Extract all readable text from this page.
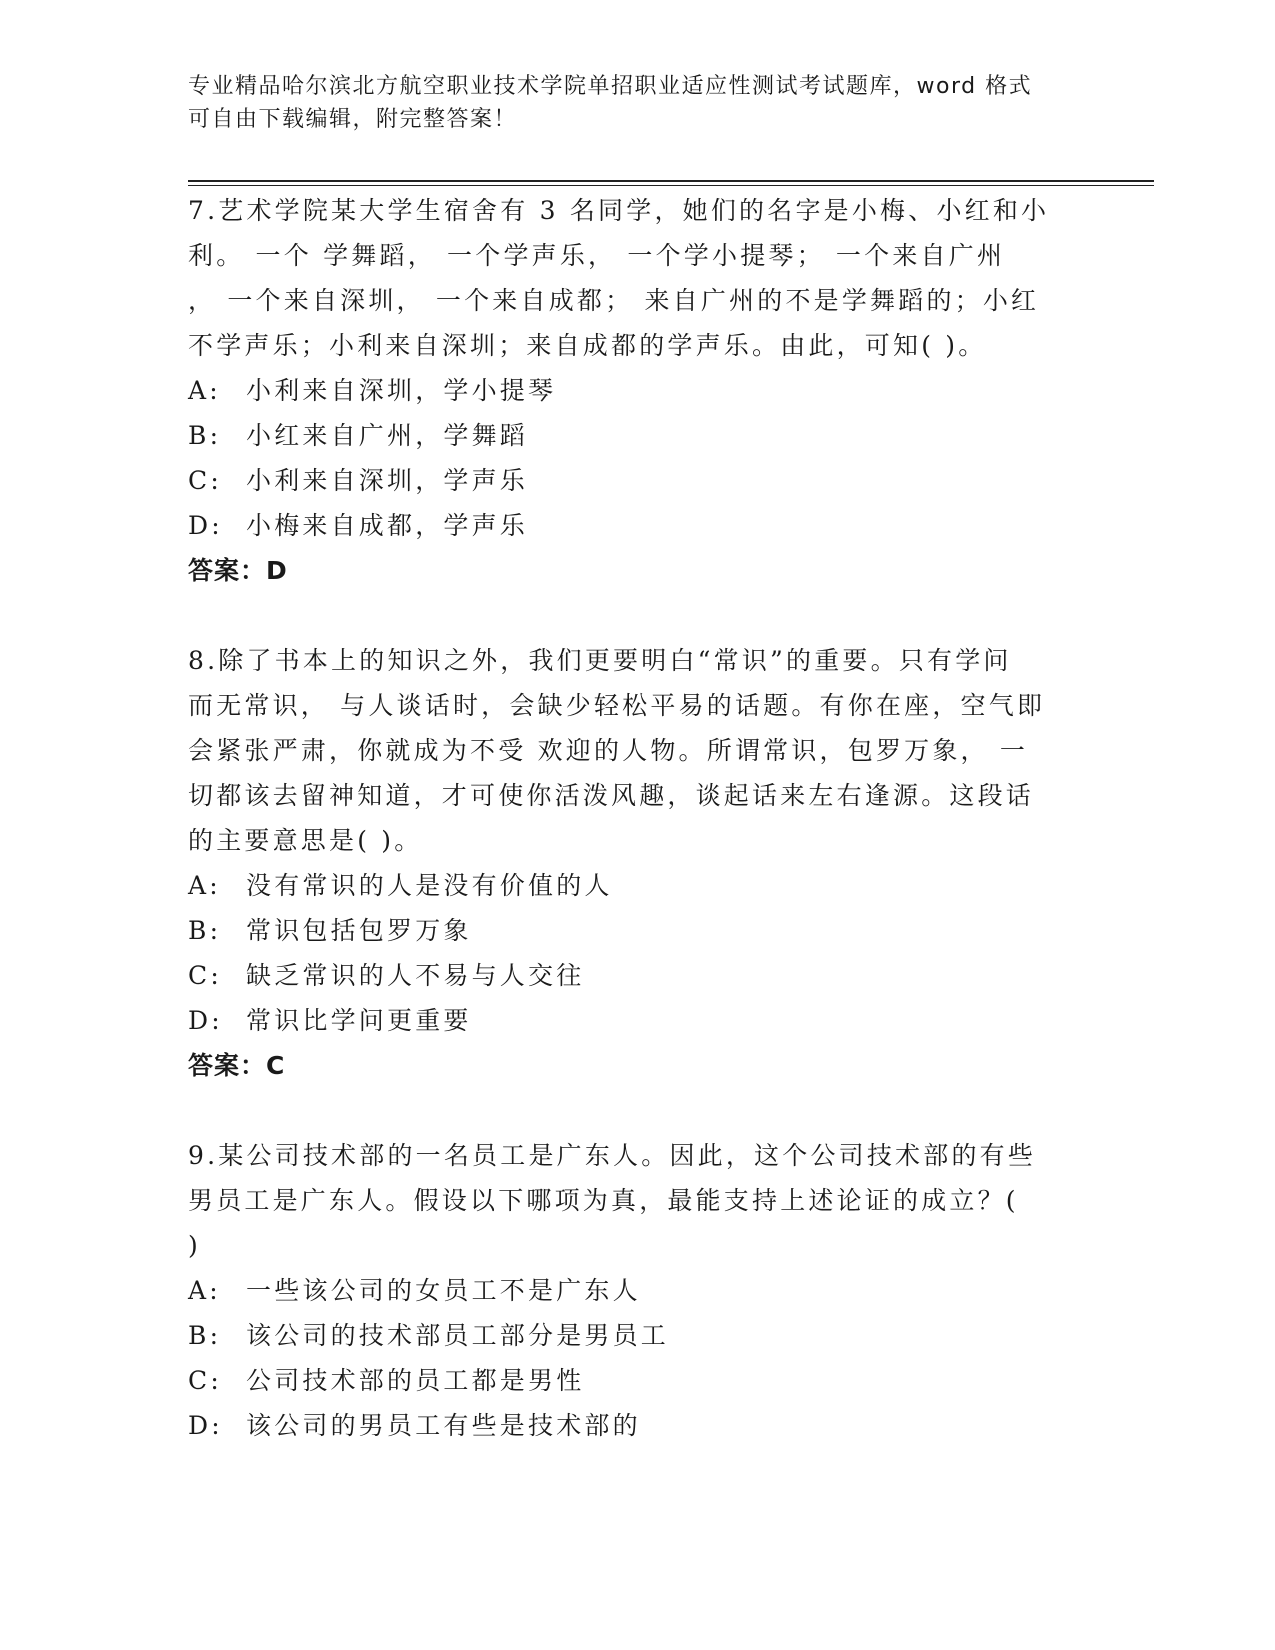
专业精品哈尔滨北方航空职业技术学院单招职业适应性测试考试题库，word 格式
可自由下载编辑，附完整答案！

7.艺术学院某大学生宿舍有 3 名同学，她们的名字是小梅、小红和小
利。 一个 学舞蹈， 一个学声乐， 一个学小提琴； 一个来自广州
， 一个来自深圳， 一个来自成都； 来自广州的不是学舞蹈的；小红
不学声乐；小利来自深圳；来自成都的学声乐。由此，可知( )。

A: 小利来自深圳，学小提琴

B: 小红来自广州，学舞蹈

C: 小利来自深圳，学声乐

D: 小梅来自成都，学声乐

答案：D

8.除了书本上的知识之外，我们更要明白“常识”的重要。只有学问
而无常识， 与人谈话时，会缺少轻松平易的话题。有你在座，空气即
会紧张严肃，你就成为不受 欢迎的人物。所谓常识，包罗万象， 一
切都该去留神知道，才可使你活泼风趣，谈起话来左右逢源。这段话
的主要意思是( )。

A: 没有常识的人是没有价值的人

B: 常识包括包罗万象

C: 缺乏常识的人不易与人交往

D: 常识比学问更重要

答案：C

9.某公司技术部的一名员工是广东人。因此，这个公司技术部的有些
男员工是广东人。假设以下哪项为真，最能支持上述论证的成立？(
)

A: 一些该公司的女员工不是广东人

B: 该公司的技术部员工部分是男员工

C: 公司技术部的员工都是男性

D: 该公司的男员工有些是技术部的
